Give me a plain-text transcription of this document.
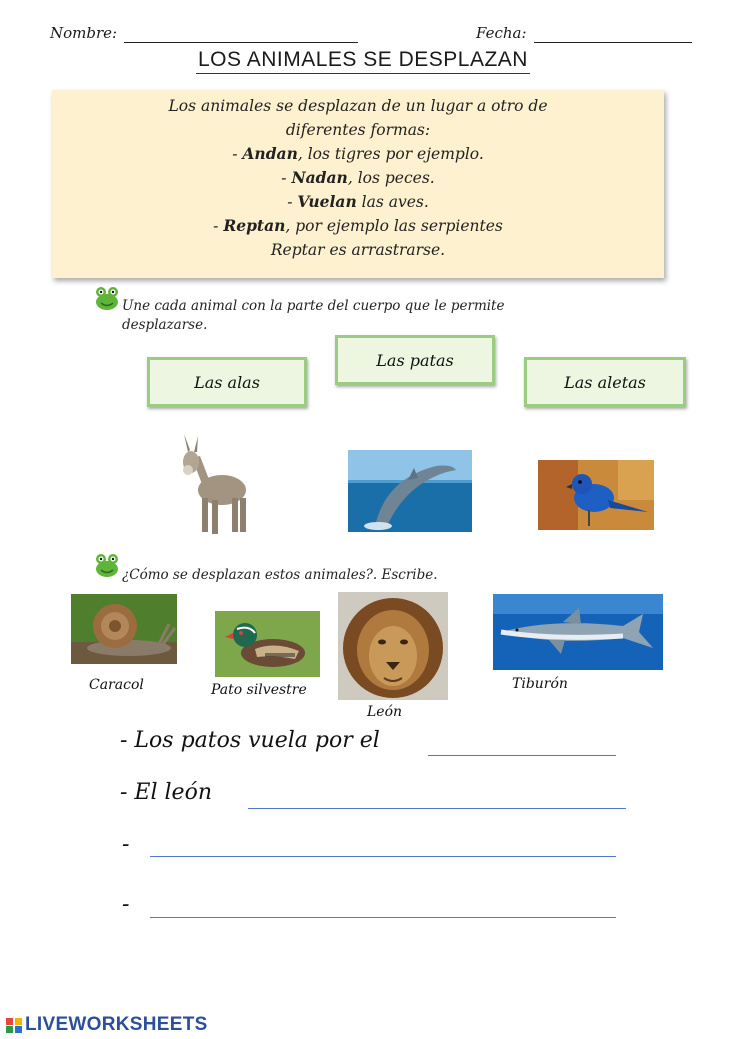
Nombre:	Fecha:
LOS ANIMALES SE DESPLAZAN
Los animales se desplazan de un lugar a otro de
diferentes formas:
- Andan, los tigres por ejemplo.
- Nadan, los peces.
- Vuelan las aves.
- Reptan, por ejemplo las serpientes
Reptar es arrastrarse.
Une cada animal con la parte del cuerpo que le permite
desplazarse.
Las alas
Las patas
Las aletas
¿Cómo se desplazan estos animales?. Escribe.
Caracol	Pato silvestre
León
Tiburón
- Los patos vuela por el
- El león
-
-
LIVEWORKSHEETS
